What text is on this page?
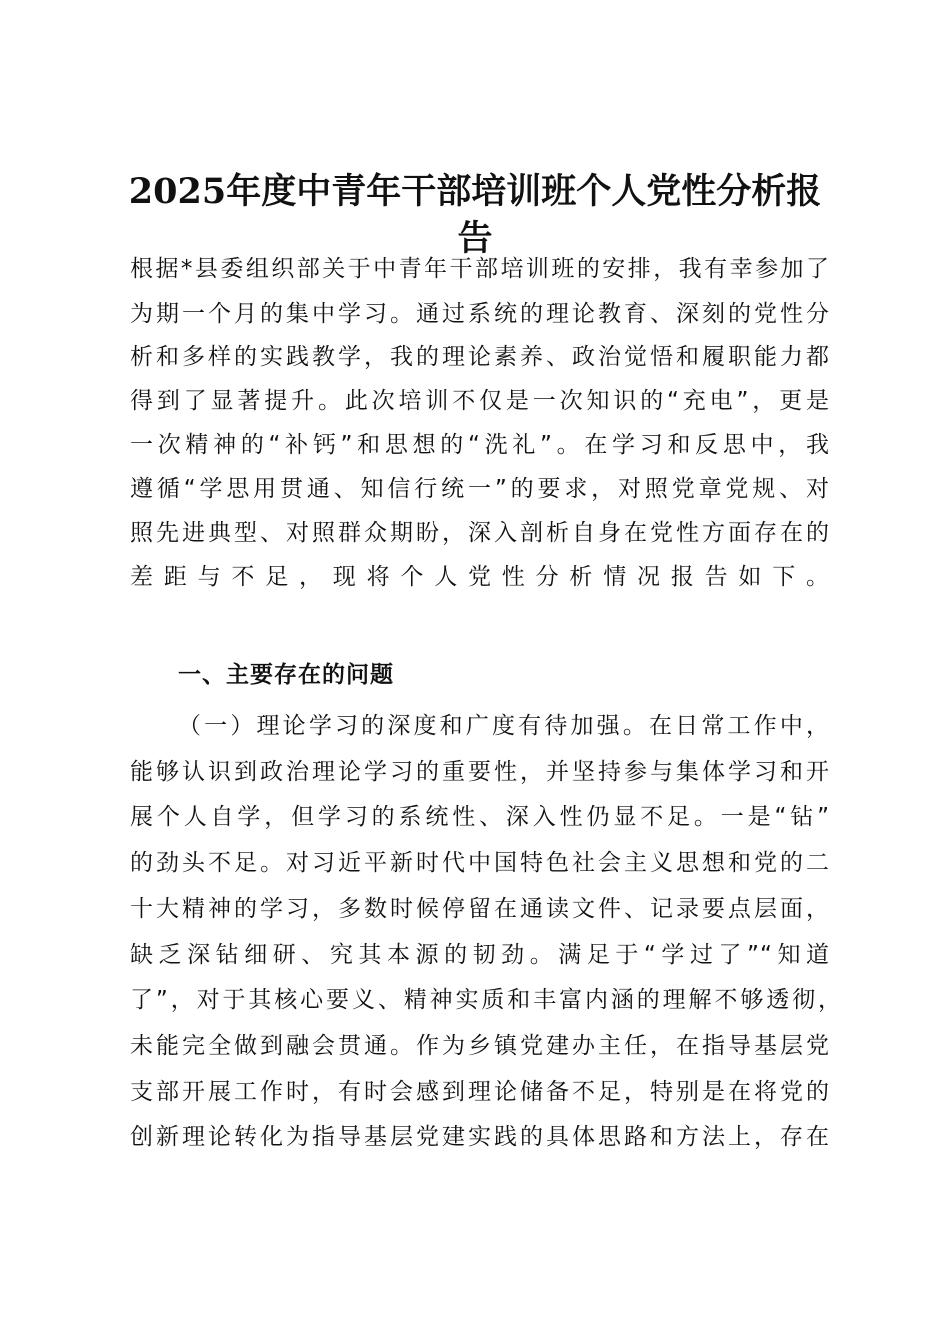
2025年度中青年干部培训班个人党性分析报
告

根据*县委组织部关于中青年干部培训班的安排，我有幸参加了

为期一个月的集中学习。通过系统的理论教育、深刻的党性分

析和多样的实践教学，我的理论素养、政治觉悟和履职能力都

得到了显著提升。此次培训不仅是一次知识的“充电”，更是

一次精神的“补钙”和思想的“洗礼”。在学习和反思中，我

遵循“学思用贯通、知信行统一”的要求，对照党章党规、对

照先进典型、对照群众期盼，深入剖析自身在党性方面存在的

差距与不足，现将个人党性分析情况报告如下。

一、主要存在的问题

（一）理论学习的深度和广度有待加强。在日常工作中，

能够认识到政治理论学习的重要性，并坚持参与集体学习和开

展个人自学，但学习的系统性、深入性仍显不足。一是“钻”

的劲头不足。对习近平新时代中国特色社会主义思想和党的二

十大精神的学习，多数时候停留在通读文件、记录要点层面，

缺乏深钻细研、究其本源的韧劲。满足于“学过了”“知道

了”，对于其核心要义、精神实质和丰富内涵的理解不够透彻，

未能完全做到融会贯通。作为乡镇党建办主任，在指导基层党

支部开展工作时，有时会感到理论储备不足，特别是在将党的

创新理论转化为指导基层党建实践的具体思路和方法上，存在
